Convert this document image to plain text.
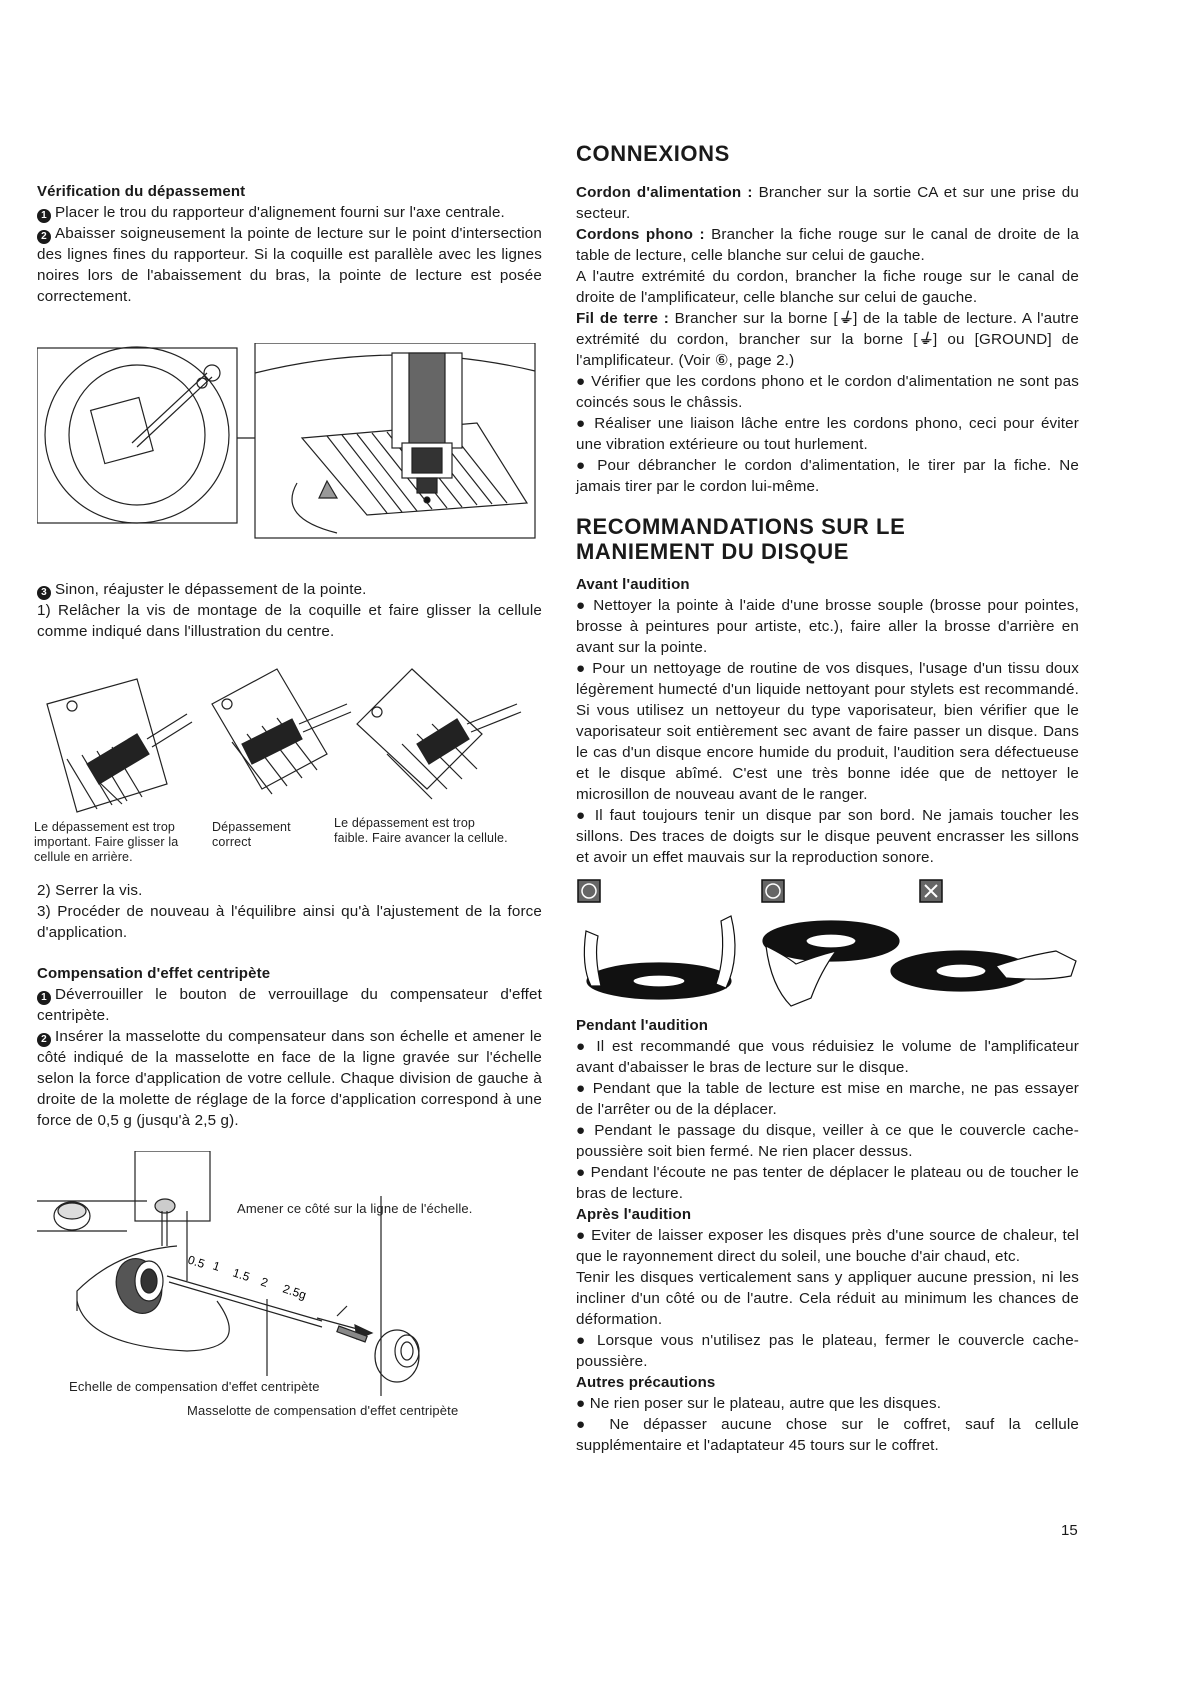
Vérification du dépassement

1 Placer le trou du rapporteur d'alignement fourni sur l'axe centrale.

2 Abaisser soigneusement la pointe de lecture sur le point d'intersection des lignes fines du rapporteur. Si la coquille est parallèle avec les lignes noires lors de l'abaissement du bras, la pointe de lecture est posée correctement.

3 Sinon, réajuster le dépassement de la pointe.

1) Relâcher la vis de montage de la coquille et faire glisser la cellule comme indiqué dans l'illustration du centre.

Le dépassement est trop important. Faire glisser la cellule en arrière.
Dépassement correct
Le dépassement est trop faible. Faire avancer la cellule.

2) Serrer la vis.

3) Procéder de nouveau à l'équilibre ainsi qu'à l'ajustement de la force d'application.

Compensation d'effet centripète

1 Déverrouiller le bouton de verrouillage du compensateur d'effet centripète.

2 Insérer la masselotte du compensateur dans son échelle et amener le côté indiqué de la masselotte en face de la ligne gravée sur l'échelle selon la force d'application de votre cellule. Chaque division de gauche à droite de la molette de réglage de la force d'application correspond à une force de 0,5 g (jusqu'à 2,5 g).

0.5 1 1.5 2 2.5g
Amener ce côté sur la ligne de l'échelle.
Echelle de compensation d'effet centripète
Masselotte de compensation d'effet centripète

CONNEXIONS

Cordon d'alimentation : Brancher sur la sortie CA et sur une prise du secteur.

Cordons phono : Brancher la fiche rouge sur le canal de droite de la table de lecture, celle blanche sur celui de gauche.

A l'autre extrémité du cordon, brancher la fiche rouge sur le canal de droite de l'amplificateur, celle blanche sur celui de gauche.

Fil de terre : Brancher sur la borne [⏚] de la table de lecture. A l'autre extrémité du cordon, brancher sur la borne [⏚] ou [GROUND] de l'amplificateur. (Voir ⑥, page 2.)

● Vérifier que les cordons phono et le cordon d'alimentation ne sont pas coincés sous le châssis.

● Réaliser une liaison lâche entre les cordons phono, ceci pour éviter une vibration extérieure ou tout hurlement.

● Pour débrancher le cordon d'alimentation, le tirer par la fiche. Ne jamais tirer par le cordon lui-même.

RECOMMANDATIONS SUR LE
MANIEMENT DU DISQUE

Avant l'audition

● Nettoyer la pointe à l'aide d'une brosse souple (brosse pour pointes, brosse à peintures pour artiste, etc.), faire aller la brosse d'arrière en avant sur la pointe.

● Pour un nettoyage de routine de vos disques, l'usage d'un tissu doux légèrement humecté d'un liquide nettoyant pour stylets est recommandé. Si vous utilisez un nettoyeur du type vaporisateur, bien vérifier que le vaporisateur soit entièrement sec avant de faire passer un disque. Dans le cas d'un disque encore humide du produit, l'audition sera défectueuse et le disque abîmé. C'est une très bonne idée que de nettoyer le microsillon de nouveau avant de le ranger.

● Il faut toujours tenir un disque par son bord. Ne jamais toucher les sillons. Des traces de doigts sur le disque peuvent encrasser les sillons et avoir un effet mauvais sur la reproduction sonore.

Pendant l'audition

● Il est recommandé que vous réduisiez le volume de l'amplificateur avant d'abaisser le bras de lecture sur le disque.

● Pendant que la table de lecture est mise en marche, ne pas essayer de l'arrêter ou de la déplacer.

● Pendant le passage du disque, veiller à ce que le couvercle cache-poussière soit bien fermé. Ne rien placer dessus.

● Pendant l'écoute ne pas tenter de déplacer le plateau ou de toucher le bras de lecture.

Après l'audition

● Eviter de laisser exposer les disques près d'une source de chaleur, tel que le rayonnement direct du soleil, une bouche d'air chaud, etc.

Tenir les disques verticalement sans y appliquer aucune pression, ni les incliner d'un côté ou de l'autre. Cela réduit au minimum les chances de déformation.

● Lorsque vous n'utilisez pas le plateau, fermer le couvercle cache-poussière.

Autres précautions

● Ne rien poser sur le plateau, autre que les disques.

● Ne dépasser aucune chose sur le coffret, sauf la cellule supplémentaire et l'adaptateur 45 tours sur le coffret.

15
